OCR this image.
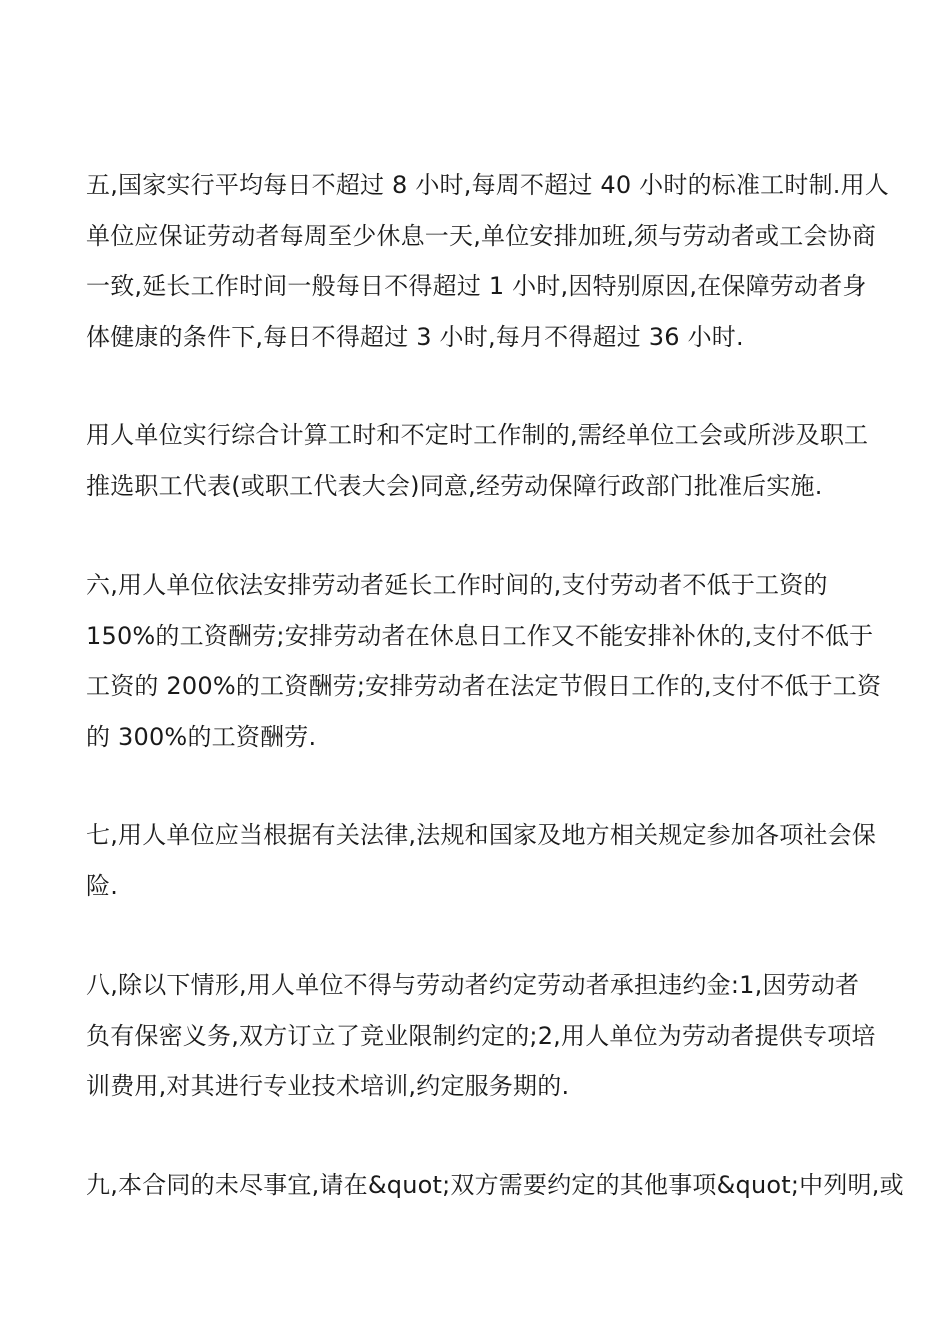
五,国家实行平均每日不超过 8 小时,每周不超过 40 小时的标准工时制.用人
单位应保证劳动者每周至少休息一天,单位安排加班,须与劳动者或工会协商
一致,延长工作时间一般每日不得超过 1 小时,因特别原因,在保障劳动者身
体健康的条件下,每日不得超过 3 小时,每月不得超过 36 小时.
用人单位实行综合计算工时和不定时工作制的,需经单位工会或所涉及职工
推选职工代表(或职工代表大会)同意,经劳动保障行政部门批准后实施.
六,用人单位依法安排劳动者延长工作时间的,支付劳动者不低于工资的
150%的工资酬劳;安排劳动者在休息日工作又不能安排补休的,支付不低于
工资的 200%的工资酬劳;安排劳动者在法定节假日工作的,支付不低于工资
的 300%的工资酬劳.
七,用人单位应当根据有关法律,法规和国家及地方相关规定参加各项社会保
险.
八,除以下情形,用人单位不得与劳动者约定劳动者承担违约金:1,因劳动者
负有保密义务,双方订立了竞业限制约定的;2,用人单位为劳动者提供专项培
训费用,对其进行专业技术培训,约定服务期的.
九,本合同的未尽事宜,请在&quot;双方需要约定的其他事项&quot;中列明,或
